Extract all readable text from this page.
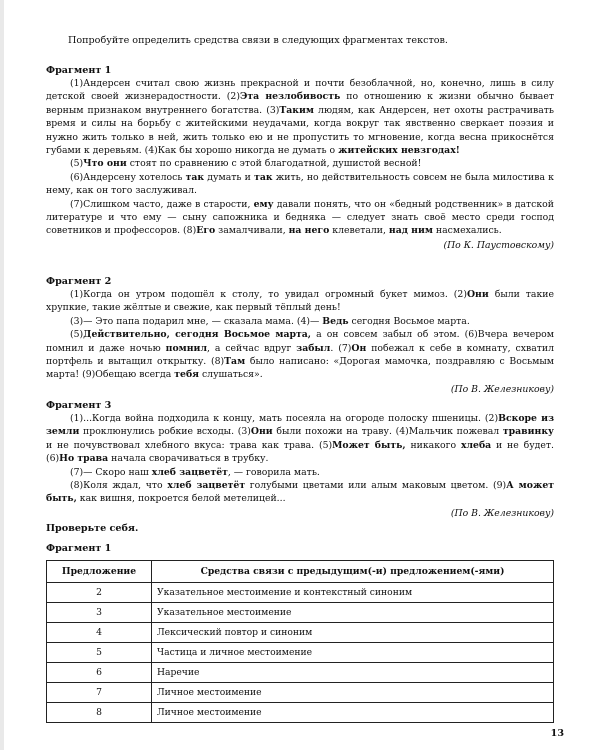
Попробуйте определить средства связи в следующих фрагментах текстов.
Фрагмент 1

(1)Андерсен считал свою жизнь прекрасной и почти безоблачной, но, конечно, лишь в силу детской своей жизнерадостности. (2)Эта незлобивость по отношению к жизни обычно бывает верным признаком внутреннего богатства. (3)Таким людям, как Андерсен, нет охоты растрачивать время и силы на борьбу с житейскими неудачами, когда вокруг так явственно сверкает поэзия и нужно жить только в ней, жить только ею и не пропустить то мгновение, когда весна прикоснётся губами к деревьям. (4)Как бы хорошо никогда не думать о житейских невзгодах!

(5)Что они стоят по сравнению с этой благодатной, душистой весной!

(6)Андерсену хотелось так думать и так жить, но действительность совсем не была милостива к нему, как он того заслуживал.

(7)Слишком часто, даже в старости, ему давали понять, что он «бедный родственник» в датской литературе и что ему — сыну сапожника и бедняка — следует знать своё место среди господ советников и профессоров. (8)Его замалчивали, на него клеветали, над ним насмехались.

(По К. Паустовскому)
Фрагмент 2

(1)Когда он утром подошёл к столу, то увидал огромный букет мимоз. (2)Они были такие хрупкие, такие жёлтые и свежие, как первый тёплый день!

(3)— Это папа подарил мне, — сказала мама. (4)— Ведь сегодня Восьмое марта.

(5)Действительно, сегодня Восьмое марта, а он совсем забыл об этом. (6)Вчера вечером помнил и даже ночью помнил, а сейчас вдруг забыл. (7)Он побежал к себе в комнату, схватил портфель и вытащил открытку. (8)Там было написано: «Дорогая мамочка, поздравляю с Восьмым марта! (9)Обещаю всегда тебя слушаться».

(По В. Железникову)
Фрагмент 3

(1)...Когда война подходила к концу, мать посеяла на огороде полоску пшеницы. (2)Вскоре из земли проклюнулись робкие всходы. (3)Они были похожи на траву. (4)Мальчик пожевал травинку и не почувствовал хлебного вкуса: трава как трава. (5)Может быть, никакого хлеба и не будет. (6)Но трава начала сворачиваться в трубку.

(7)— Скоро наш хлеб зацветёт, — говорила мать.

(8)Коля ждал, что хлеб зацветёт голубыми цветами или алым маковым цветом. (9)А может быть, как вишня, покроется белой метелицей...

(По В. Железникову)
Проверьте себя.
Фрагмент 1
Предложение	Средства связи с предыдущим(-и) предложением(-ями)
2	Указательное местоимение и контекстный синоним
3	Указательное местоимение
4	Лексический повтор и синоним
5	Частица и личное местоимение
6	Наречие
7	Личное местоимение
8	Личное местоимение
13
